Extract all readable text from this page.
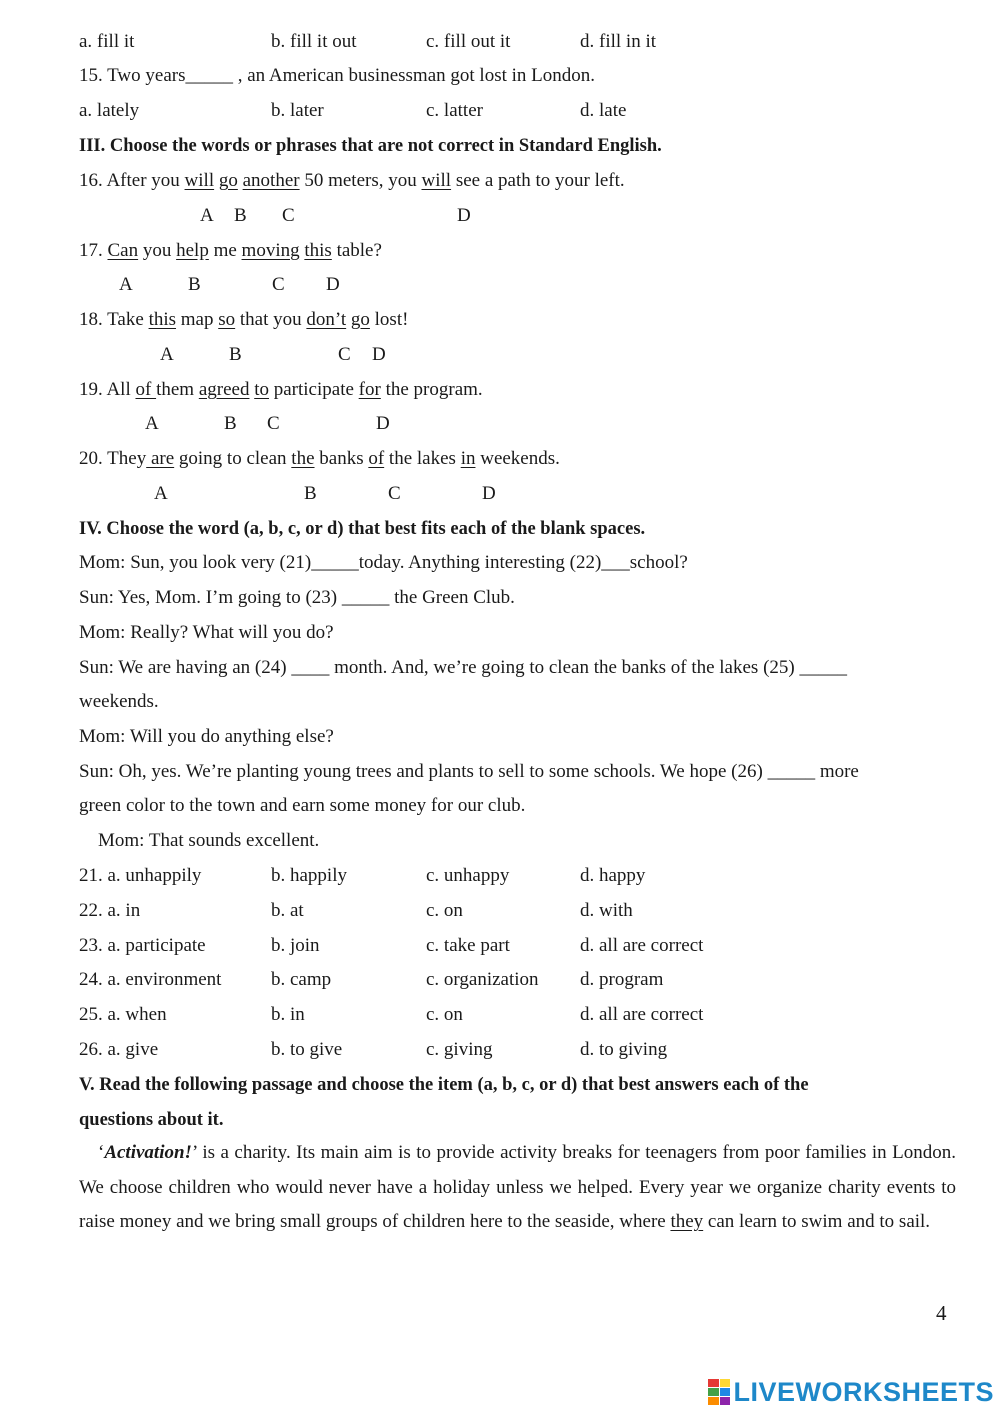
a. fill it	b. fill it out	c. fill out it	d. fill in it
15. Two years_____ , an American businessman got lost in London.
a. lately	b. later	c. latter	d. late
III. Choose the words or phrases that are not correct in Standard English.
16. After you will go another 50 meters, you will see a path to your left.
A B C	D
17. Can you help me moving this table?
A	B	C D
18. Take this map so that you don’t go lost!
A	B	C D
19. All of them agreed to participate for the program.
A	B C	D
20. They are going to clean the banks of the lakes in weekends.
A	B	C	D
IV. Choose the word (a, b, c, or d) that best fits each of the blank spaces.
Mom: Sun, you look very (21)_____today. Anything interesting (22)___school?
Sun: Yes, Mom. I’m going to (23) _____ the Green Club.
Mom: Really? What will you do?
Sun: We are having an (24) ____ month. And, we’re going to clean the banks of the lakes (25) _____
weekends.
Mom: Will you do anything else?
Sun: Oh, yes. We’re planting young trees and plants to sell to some schools. We hope (26) _____ more
green color to the town and earn some money for our club.
Mom: That sounds excellent.
21. a. unhappily	b. happily	c. unhappy	d. happy
22. a. in	b. at	c. on	d. with
23. a. participate	b. join	c. take part	d. all are correct
24. a. environment	b. camp	c. organization d. program
25. a. when	b. in	c. on	d. all are correct
26. a. give	b. to give	c. giving	d. to giving
V. Read the following passage and choose the item (a, b, c, or d) that best answers each of the
questions about it.
‘Activation!’ is a charity. Its main aim is to provide activity breaks for teenagers from poor families in London. We choose children who would never have a holiday unless we helped. Every year we organize charity events to raise money and we bring small groups of children here to the seaside, where they can learn to swim and to sail.
4
LIVEWORKSHEETS
